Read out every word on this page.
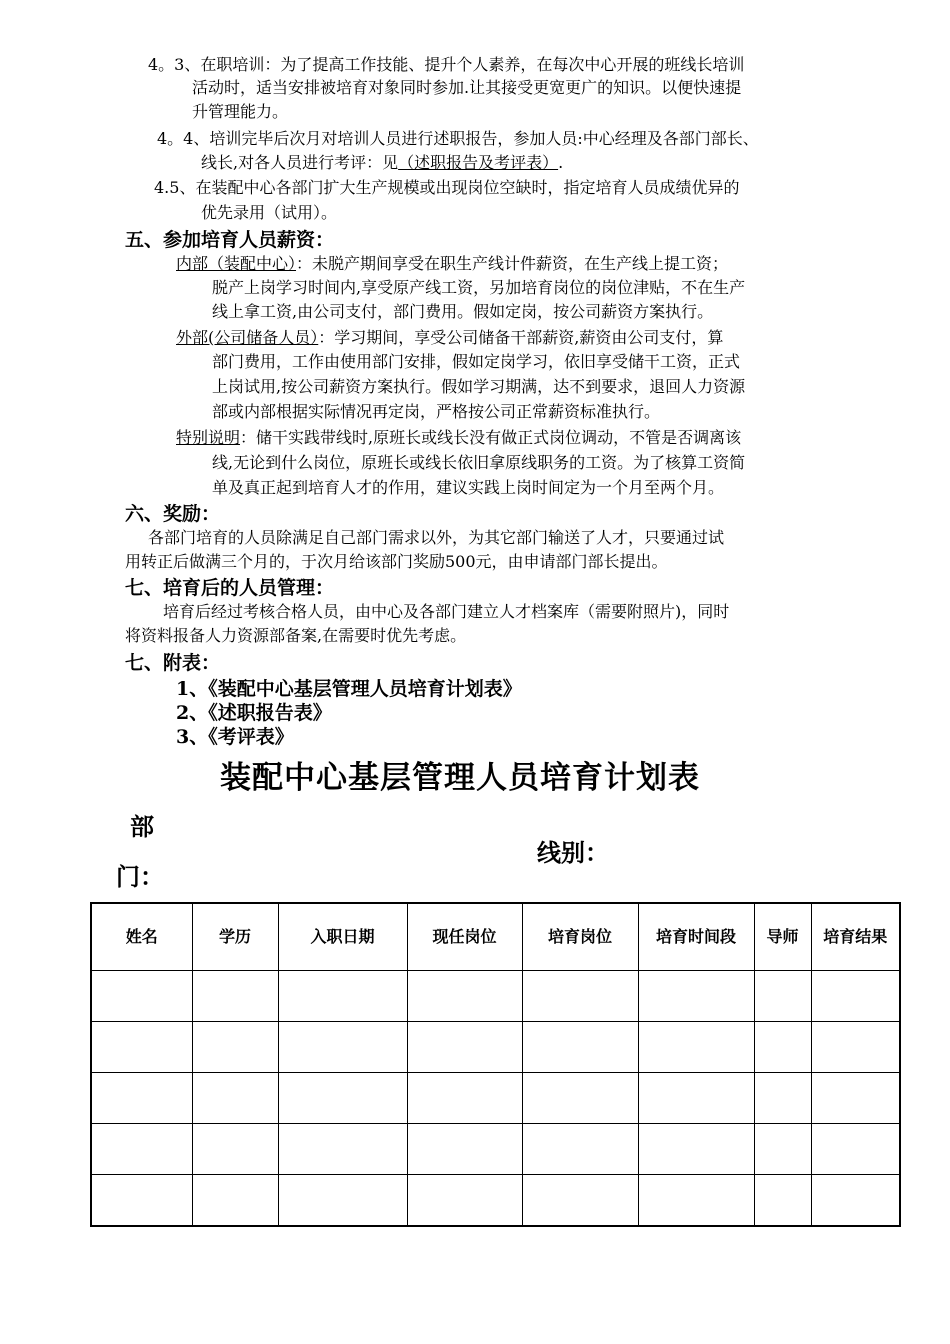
4。3、在职培训：为了提高工作技能、提升个人素养，在每次中心开展的班线长培训
活动时，适当安排被培育对象同时参加.让其接受更宽更广的知识。以便快速提
升管理能力。
4。4、培训完毕后次月对培训人员进行述职报告，参加人员:中心经理及各部门部长、
线长,对各人员进行考评：见（述职报告及考评表）.
4.5、在装配中心各部门扩大生产规模或出现岗位空缺时，指定培育人员成绩优异的
优先录用（试用）。
五、参加培育人员薪资：
内部（装配中心）：未脱产期间享受在职生产线计件薪资，在生产线上提工资；
脱产上岗学习时间内,享受原产线工资，另加培育岗位的岗位津贴，不在生产
线上拿工资,由公司支付，部门费用。假如定岗，按公司薪资方案执行。
外部(公司储备人员）：学习期间，享受公司储备干部薪资,薪资由公司支付，算
部门费用，工作由使用部门安排，假如定岗学习，依旧享受储干工资，正式
上岗试用,按公司薪资方案执行。假如学习期满，达不到要求，退回人力资源
部或内部根据实际情况再定岗，严格按公司正常薪资标准执行。
特别说明：储干实践带线时,原班长或线长没有做正式岗位调动，不管是否调离该
线,无论到什么岗位，原班长或线长依旧拿原线职务的工资。为了核算工资简
单及真正起到培育人才的作用，建议实践上岗时间定为一个月至两个月。
六、奖励：
各部门培育的人员除满足自己部门需求以外，为其它部门输送了人才，只要通过试
用转正后做满三个月的，于次月给该部门奖励500元，由申请部门部长提出。
七、培育后的人员管理：
培育后经过考核合格人员，由中心及各部门建立人才档案库（需要附照片)，同时
将资料报备人力资源部备案,在需要时优先考虑。
七、附表：
1、《装配中心基层管理人员培育计划表》
2、《述职报告表》
3、《考评表》
装配中心基层管理人员培育计划表
部
门：
线别：
姓名	学历	入职日期	现任岗位	培育岗位	培育时间段	导师	培育结果
